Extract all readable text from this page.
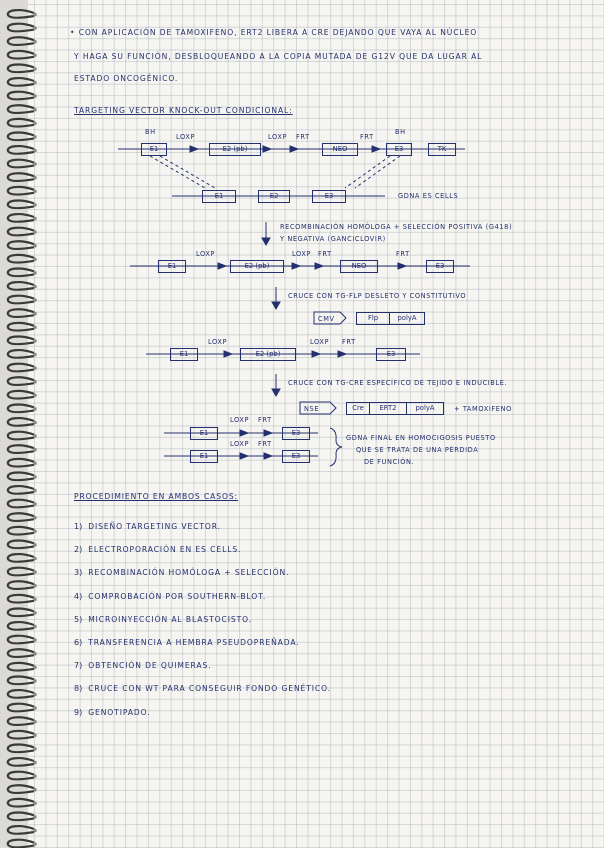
• CON APLICACIÓN DE TAMOXIFENO, ERT2 LIBERA A CRE DEJANDO QUE VAYA AL NÚCLEO
Y HAGA SU FUNCIÓN, DESBLOQUEANDO A LA COPIA MUTADA DE G12V QUE DA LUGAR AL
ESTADO ONCOGÉNICO.
TARGETING VECTOR KNOCK-OUT CONDICIONAL:
BH
LOXP	LOXP FRT	FRT
BH
E1	E2 (pb)	NEO	E3	TK
E1	E2	E3	GDNA ES CELLS
RECOMBINACIÓN HOMÓLOGA + SELECCIÓN POSITIVA (G418)
Y NEGATIVA (GANCICLOVIR)
E1
LOXP
E2 (pb)
LOXP FRT
NEO
FRT
E3
CRUCE CON TG-FLP DESLETO Y CONSTITUTIVO
CMV	Flp	polyA
E1
LOXP
E2 (pb)
LOXP FRT
E3
CRUCE CON TG-CRE ESPECÍFICO DE TEJIDO E INDUCIBLE.
NSE	Cre	ERT2	polyA	+ TAMOXIFENO
E1
LOXP FRT
E3
E1
LOXP FRT
E3
GDNA FINAL EN HOMOCIGOSIS PUESTO
QUE SE TRATA DE UNA PÉRDIDA
DE FUNCIÓN.
PROCEDIMIENTO EN AMBOS CASOS:
1) DISEÑO TARGETING VECTOR.
2) ELECTROPORACIÓN EN ES CELLS.
3) RECOMBINACIÓN HOMÓLOGA + SELECCIÓN.
4) COMPROBACIÓN POR SOUTHERN-BLOT.
5) MICROINYECCIÓN AL BLASTOCISTO.
6) TRANSFERENCIA A HEMBRA PSEUDOPREÑADA.
7) OBTENCIÓN DE QUIMERAS.
8) CRUCE CON WT PARA CONSEGUIR FONDO GENÉTICO.
9) GENOTIPADO.
